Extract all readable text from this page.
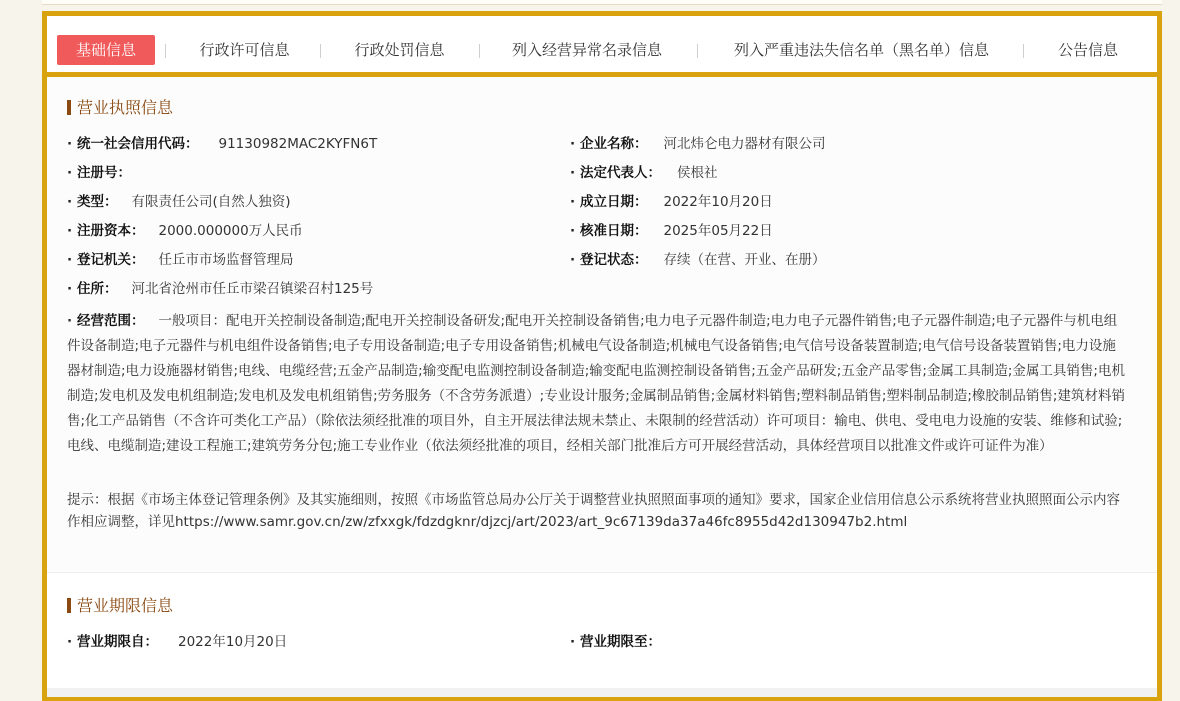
基础信息	行政许可信息	行政处罚信息	列入经营异常名录信息	列入严重违法失信名单（黑名单）信息	公告信息
营业执照信息
· 统一社会信用代码： 91130982MAC2KYFN6T
· 注册号：
· 类型： 有限责任公司(自然人独资)
· 注册资本： 2000.000000万人民币
· 登记机关： 任丘市市场监督管理局
· 住所： 河北省沧州市任丘市梁召镇梁召村125号
· 企业名称： 河北炜仑电力器材有限公司
· 法定代表人： 侯根社
· 成立日期： 2022年10月20日
· 核准日期： 2025年05月22日
· 登记状态： 存续（在营、开业、在册）
· 经营范围： 一般项目：配电开关控制设备制造;配电开关控制设备研发;配电开关控制设备销售;电力电子元器件制造;电力电子元器件销售;电子元器件制造;电子元器件与机电组件设备制造;电子元器件与机电组件设备销售;电子专用设备制造;电子专用设备销售;机械电气设备制造;机械电气设备销售;电气信号设备装置制造;电气信号设备装置销售;电力设施器材制造;电力设施器材销售;电线、电缆经营;五金产品制造;输变配电监测控制设备制造;输变配电监测控制设备销售;五金产品研发;五金产品零售;金属工具制造;金属工具销售;电机制造;发电机及发电机组制造;发电机及发电机组销售;劳务服务（不含劳务派遣）;专业设计服务;金属制品销售;金属材料销售;塑料制品销售;塑料制品制造;橡胶制品销售;建筑材料销售;化工产品销售（不含许可类化工产品）（除依法须经批准的项目外，自主开展法律法规未禁止、未限制的经营活动）许可项目：输电、供电、受电电力设施的安装、维修和试验;电线、电缆制造;建设工程施工;建筑劳务分包;施工专业作业（依法须经批准的项目，经相关部门批准后方可开展经营活动，具体经营项目以批准文件或许可证件为准）
提示：根据《市场主体登记管理条例》及其实施细则，按照《市场监管总局办公厅关于调整营业执照照面事项的通知》要求，国家企业信用信息公示系统将营业执照照面公示内容作相应调整，详见https://www.samr.gov.cn/zw/zfxxgk/fdzdgknr/djzcj/art/2023/art_9c67139da37a46fc8955d42d130947b2.html
营业期限信息
· 营业期限自： 2022年10月20日	· 营业期限至：
